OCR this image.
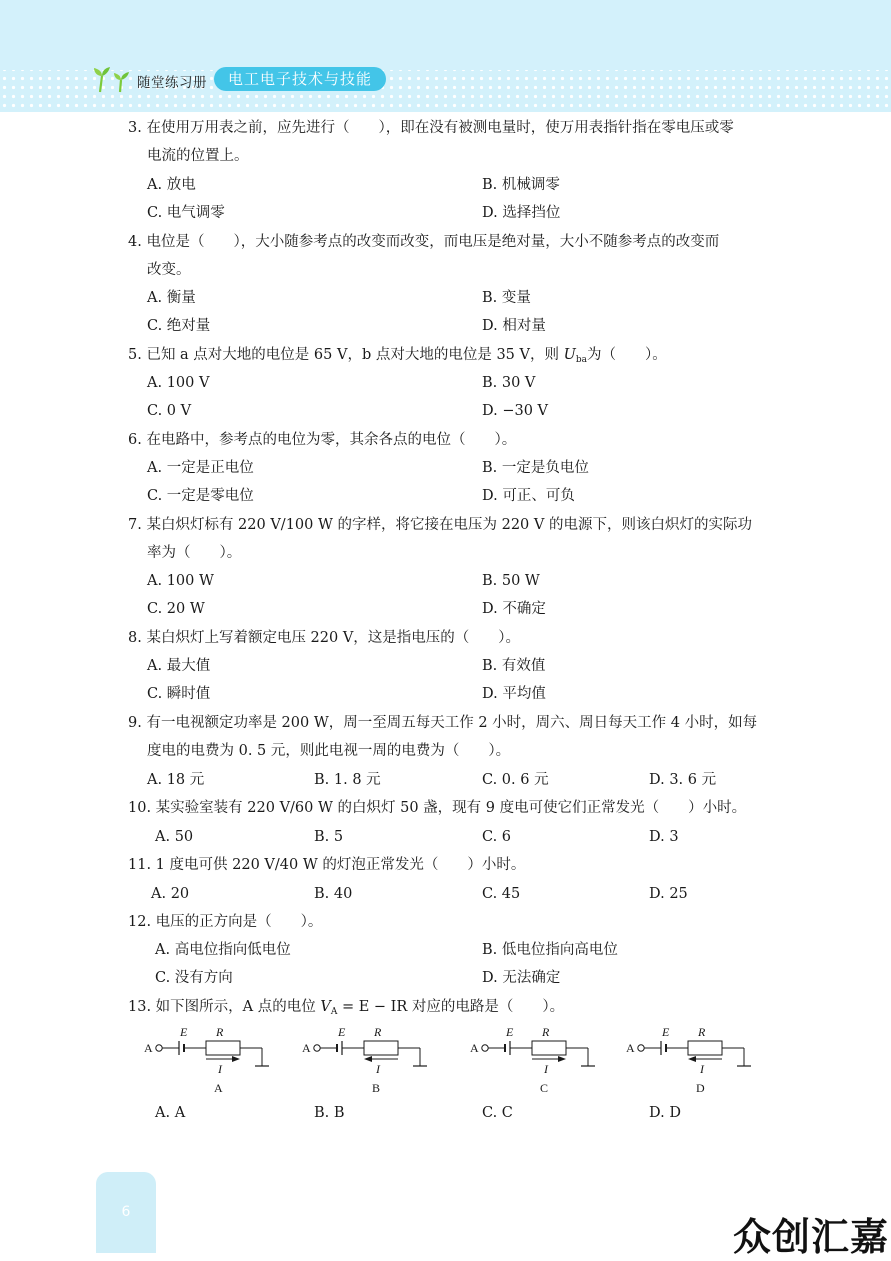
随堂练习册	电工电子技术与技能
3. 在使用万用表之前，应先进行（　　），即在没有被测电量时，使万用表指针指在零电压或零
电流的位置上。
A. 放电	B. 机械调零
C. 电气调零	D. 选择挡位
4. 电位是（　　），大小随参考点的改变而改变，而电压是绝对量，大小不随参考点的改变而
改变。
A. 衡量	B. 变量
C. 绝对量	D. 相对量
5. 已知 a 点对大地的电位是 65 V，b 点对大地的电位是 35 V，则 $U_{ba}$为（　　）。
A. 100 V	B. 30 V
C. 0 V	D. −30 V
6. 在电路中，参考点的电位为零，其余各点的电位（　　）。
A. 一定是正电位	B. 一定是负电位
C. 一定是零电位	D. 可正、可负
7. 某白炽灯标有 220 V/100 W 的字样，将它接在电压为 220 V 的电源下，则该白炽灯的实际功
率为（　　）。
A. 100 W	B. 50 W
C. 20 W	D. 不确定
8. 某白炽灯上写着额定电压 220 V，这是指电压的（　　）。
A. 最大值	B. 有效值
C. 瞬时值	D. 平均值
9. 有一电视额定功率是 200 W，周一至周五每天工作 2 小时，周六、周日每天工作 4 小时，如每
度电的电费为 0. 5 元，则此电视一周的电费为（　　）。
A. 18 元	B. 1. 8 元	C. 0. 6 元	D. 3. 6 元
10. 某实验室装有 220 V/60 W 的白炽灯 50 盏，现有 9 度电可使它们正常发光（　　）小时。
A. 50	B. 5	C. 6	D. 3
11. 1 度电可供 220 V/40 W 的灯泡正常发光（　　）小时。
A. 20	B. 40	C. 45	D. 25
12. 电压的正方向是（　　）。
A. 高电位指向低电位	B. 低电位指向高电位
C. 没有方向	D. 无法确定
13. 如下图所示，A 点的电位 $V_A = E$ − IR 对应的电路是（　　）。
A
E R
I
A
A
E R
I
B
A
E R
I
C
A
E R
I
D
A. A	B. B	C. C	D. D
6
众创汇嘉
